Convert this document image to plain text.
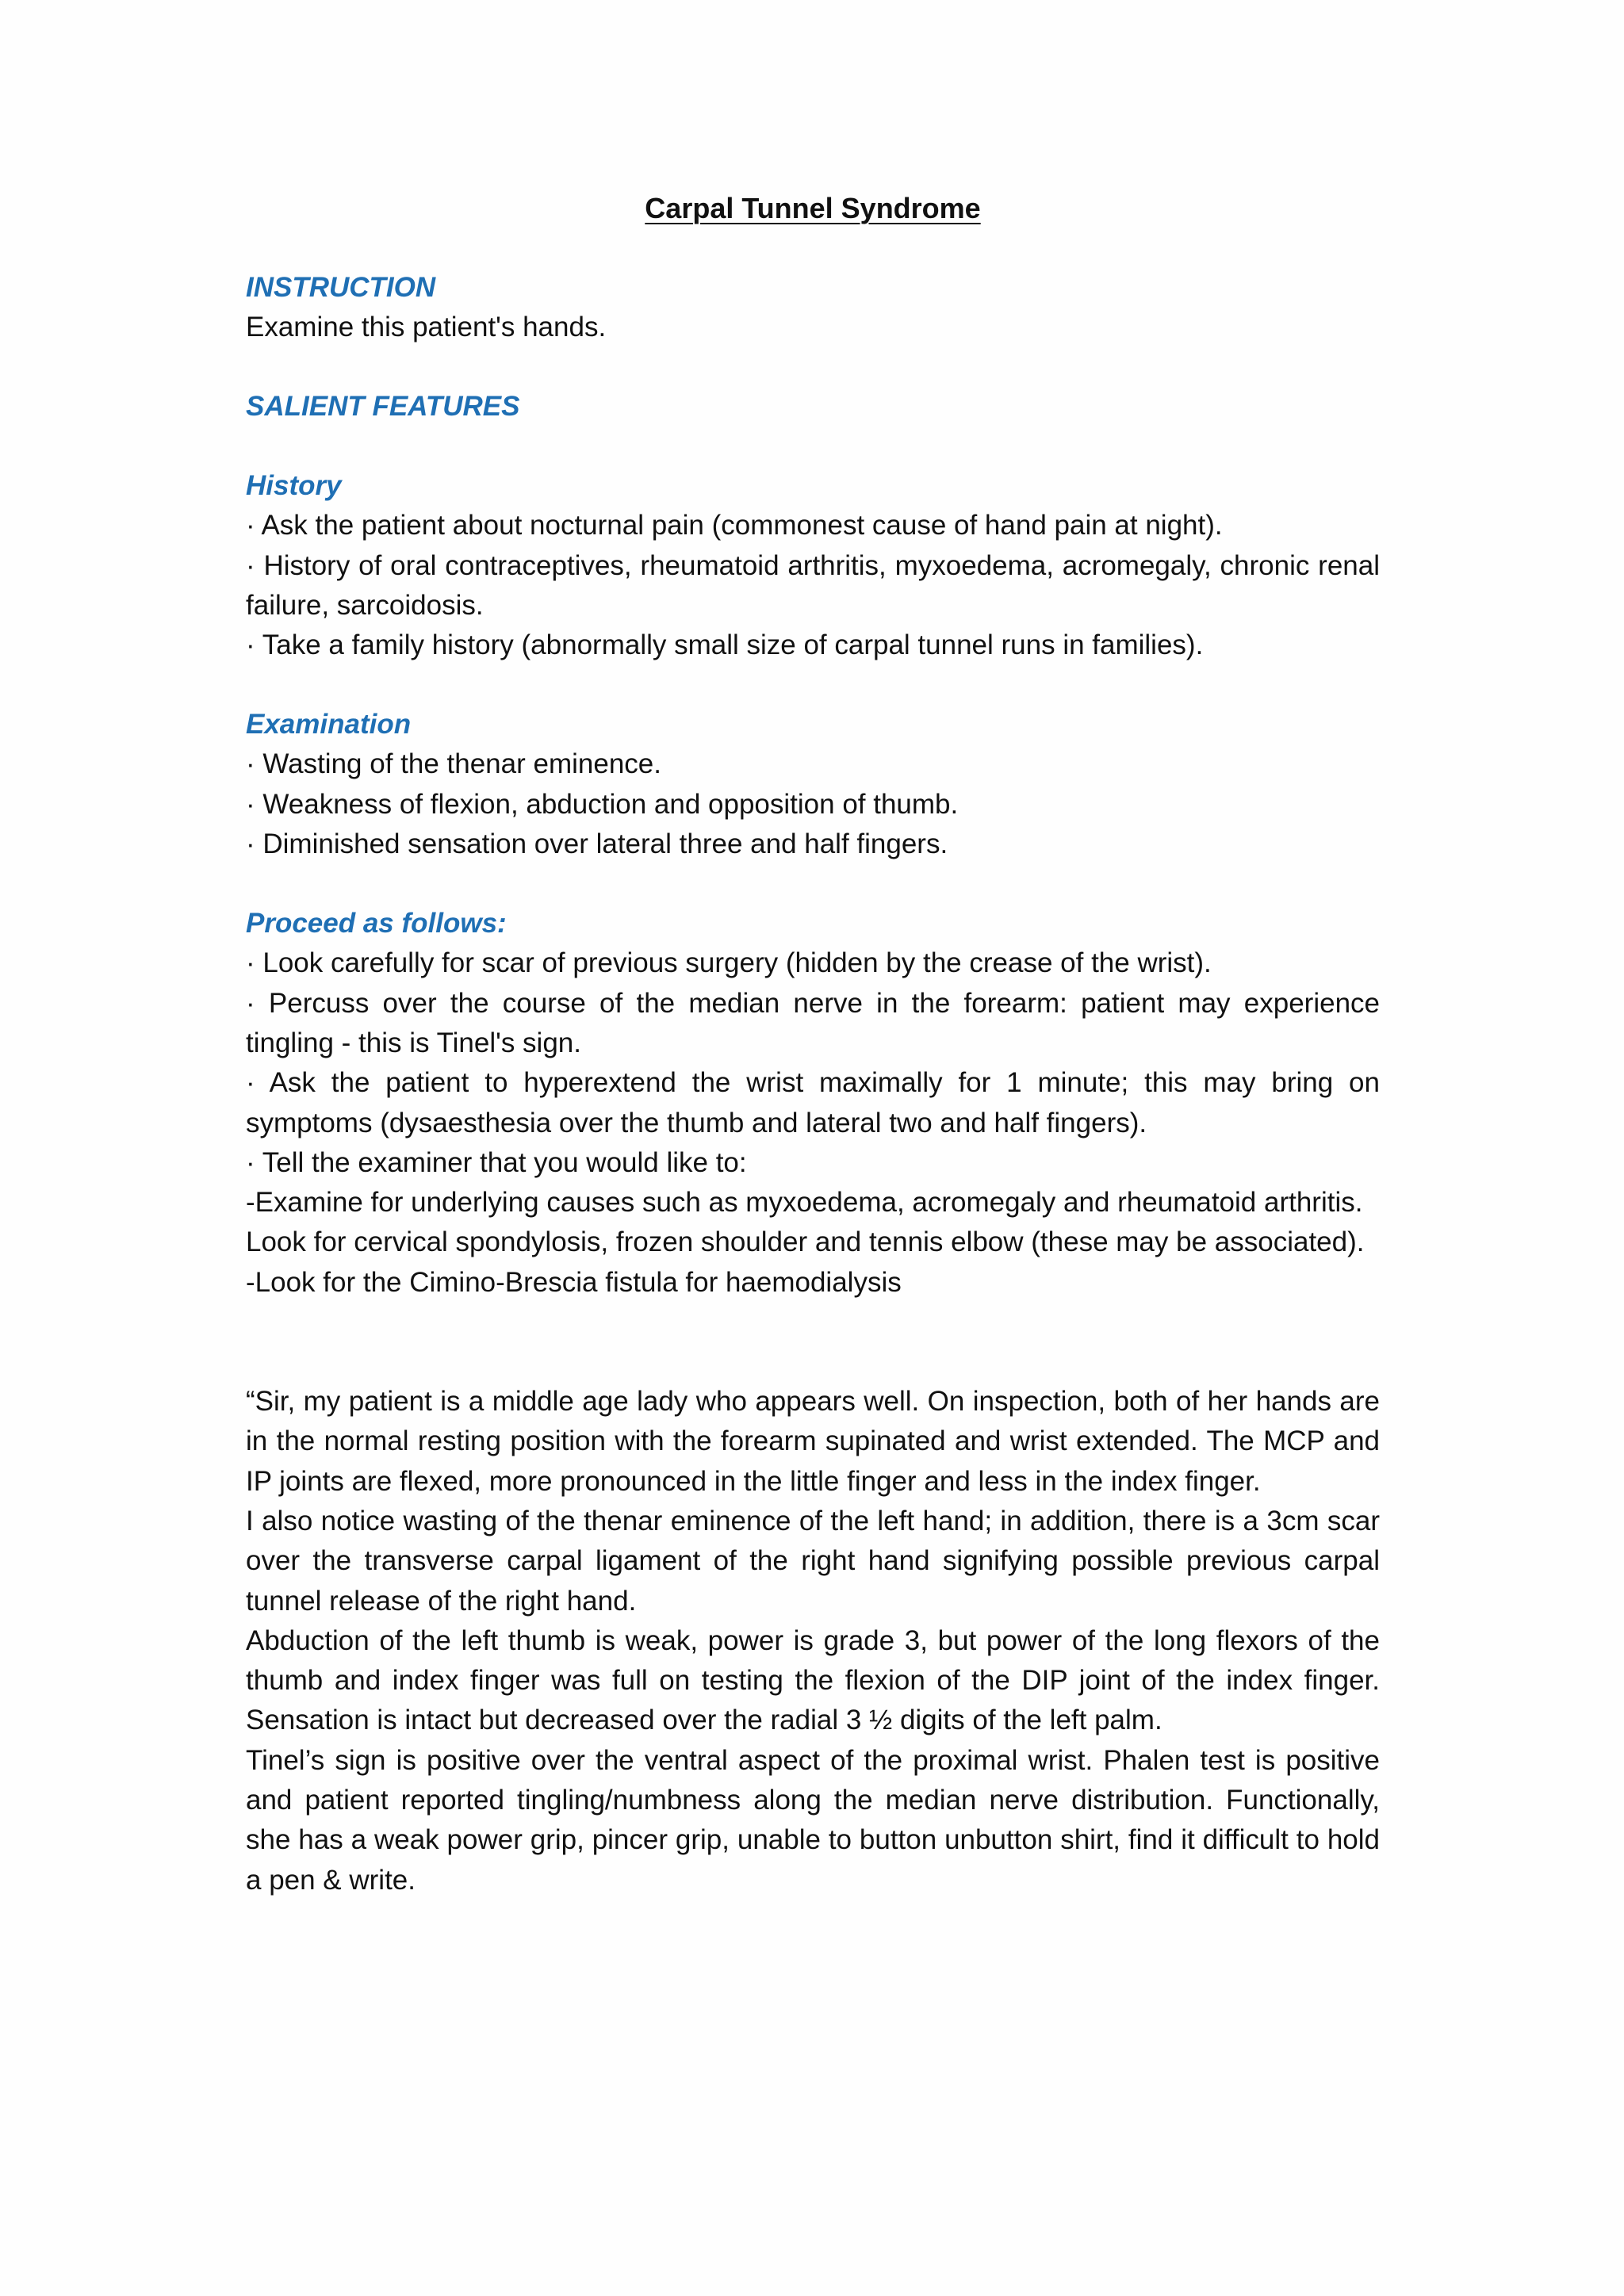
Carpal Tunnel Syndrome
INSTRUCTION
Examine this patient's hands.
SALIENT FEATURES
History
· Ask the patient about nocturnal pain (commonest cause of hand pain at night).
· History of oral contraceptives, rheumatoid arthritis, myxoedema, acromegaly, chronic renal failure, sarcoidosis.
· Take a family history (abnormally small size of carpal tunnel runs in families).
Examination
· Wasting of the thenar eminence.
· Weakness of flexion, abduction and opposition of thumb.
· Diminished sensation over lateral three and half fingers.
Proceed as follows:
· Look carefully for scar of previous surgery (hidden by the crease of the wrist).
· Percuss over the course of the median nerve in the forearm: patient may experience tingling - this is Tinel's sign.
· Ask the patient to hyperextend the wrist maximally for 1 minute; this may bring on symptoms (dysaesthesia over the thumb and lateral two and half fingers).
· Tell the examiner that you would like to:
-Examine for underlying causes such as myxoedema, acromegaly and rheumatoid arthritis.
Look for cervical spondylosis, frozen shoulder and tennis elbow (these may be associated).
-Look for the Cimino-Brescia fistula for haemodialysis
“Sir, my patient is a middle age lady who appears well. On inspection, both of her hands are in the normal resting position with the forearm supinated and wrist extended. The MCP and IP joints are flexed, more pronounced in the little finger and less in the index finger.
I also notice wasting of the thenar eminence of the left hand; in addition, there is a 3cm scar over the transverse carpal ligament of the right hand signifying possible previous carpal tunnel release of the right hand.
Abduction of the left thumb is weak, power is grade 3, but power of the long flexors of the thumb and index finger was full on testing the flexion of the DIP joint of the index finger. Sensation is intact but decreased over the radial 3 ½ digits of the left palm.
Tinel’s sign is positive over the ventral aspect of the proximal wrist. Phalen test is positive and patient reported tingling/numbness along the median nerve distribution. Functionally, she has a weak power grip, pincer grip, unable to button unbutton shirt, find it difficult to hold a pen & write.
